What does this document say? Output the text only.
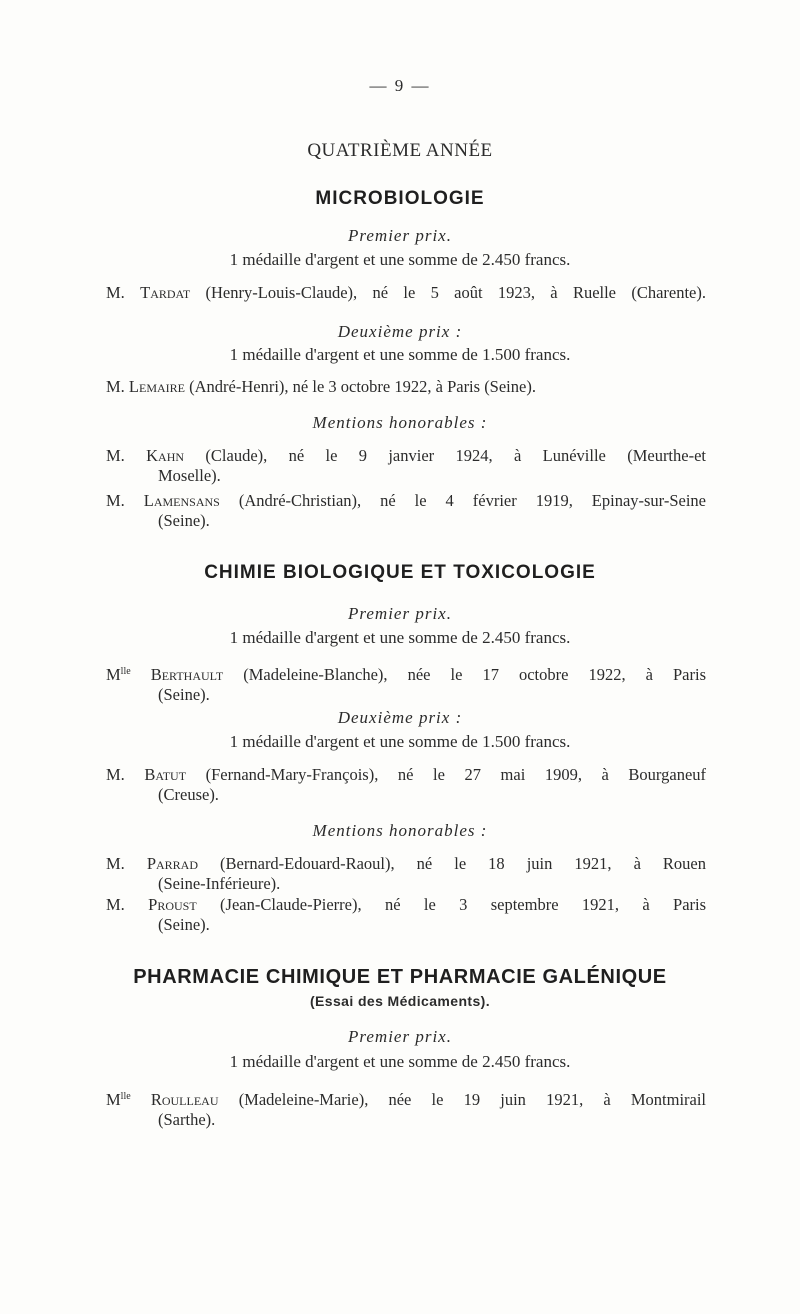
— 9 —
QUATRIÈME ANNÉE
MICROBIOLOGIE
Premier prix.
1 médaille d'argent et une somme de 2.450 francs.
M. Tardat (Henry-Louis-Claude), né le 5 août 1923, à Ruelle (Charente).
Deuxième prix :
1 médaille d'argent et une somme de 1.500 francs.
M. Lemaire (André-Henri), né le 3 octobre 1922, à Paris (Seine).
Mentions honorables :
M. Kahn (Claude), né le 9 janvier 1924, à Lunéville (Meurthe-et
Moselle).
M. Lamensans (André-Christian), né le 4 février 1919, Epinay-sur-Seine
(Seine).
CHIMIE BIOLOGIQUE ET TOXICOLOGIE
Premier prix.
1 médaille d'argent et une somme de 2.450 francs.
$M^{lle}$ Berthault (Madeleine-Blanche), née le 17 octobre 1922, à Paris
(Seine).
Deuxième prix :
1 médaille d'argent et une somme de 1.500 francs.
M. Batut (Fernand-Mary-François), né le 27 mai 1909, à Bourganeuf
(Creuse).
Mentions honorables :
M. Parrad (Bernard-Edouard-Raoul), né le 18 juin 1921, à Rouen
(Seine-Inférieure).
M. Proust (Jean-Claude-Pierre), né le 3 septembre 1921, à Paris
(Seine).
PHARMACIE CHIMIQUE ET PHARMACIE GALÉNIQUE
(Essai des Médicaments).
Premier prix.
1 médaille d'argent et une somme de 2.450 francs.
$M^{lle}$ Roulleau (Madeleine-Marie), née le 19 juin 1921, à Montmirail
(Sarthe).
